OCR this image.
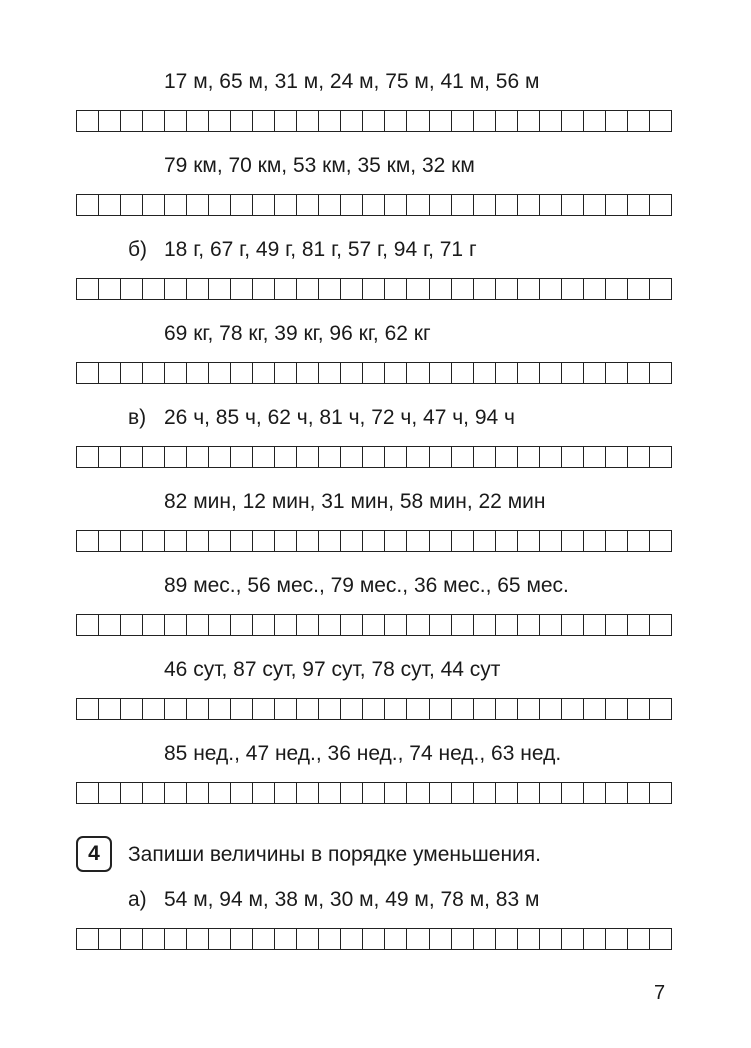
17 м, 65 м, 31 м, 24 м, 75 м, 41 м, 56 м
79 км, 70 км, 53 км, 35 км, 32 км
б) 18 г, 67 г, 49 г, 81 г, 57 г, 94 г, 71 г
69 кг, 78 кг, 39 кг, 96 кг, 62 кг
в) 26 ч, 85 ч, 62 ч, 81 ч, 72 ч, 47 ч, 94 ч
82 мин, 12 мин, 31 мин, 58 мин, 22 мин
89 мес., 56 мес., 79 мес., 36 мес., 65 мес.
46 сут, 87 сут, 97 сут, 78 сут, 44 сут
85 нед., 47 нед., 36 нед., 74 нед., 63 нед.
4	Запиши величины в порядке уменьшения.
а) 54 м, 94 м, 38 м, 30 м, 49 м, 78 м, 83 м
7
